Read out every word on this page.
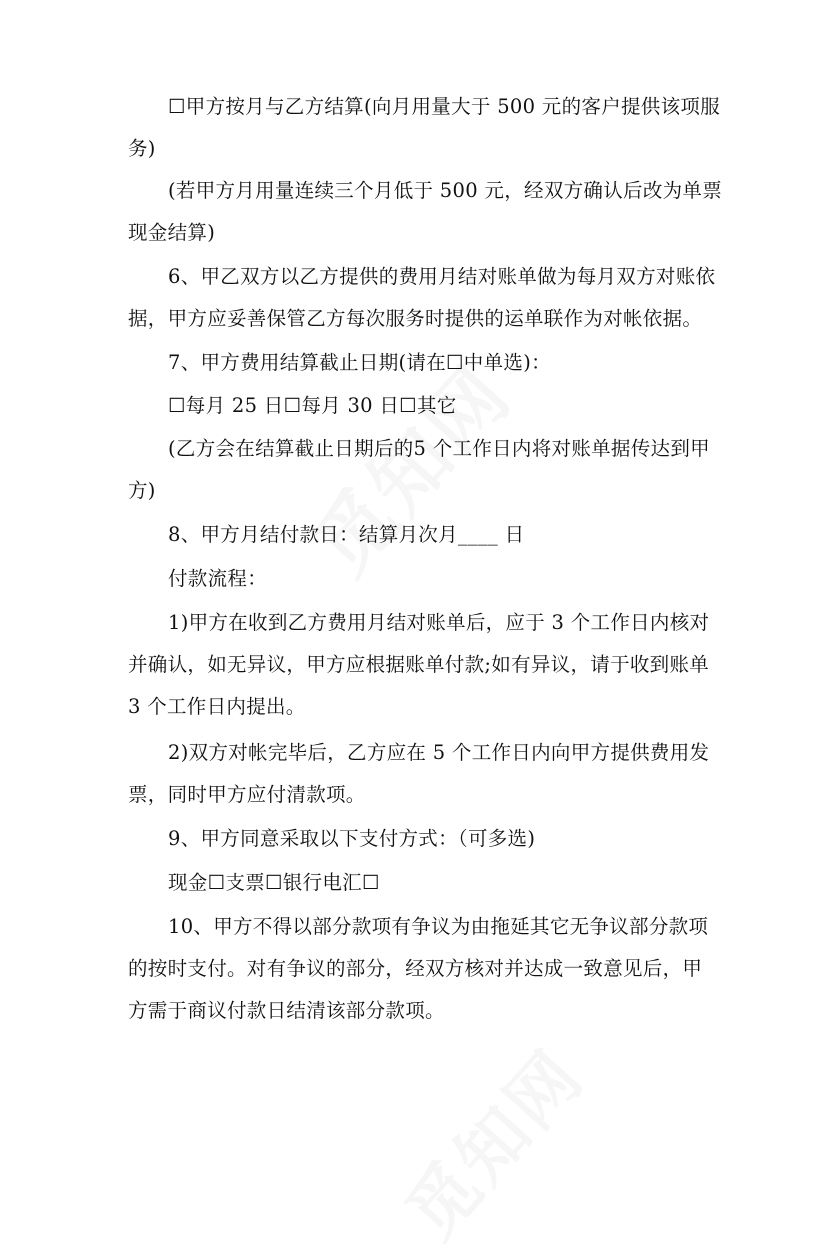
☐甲方按月与乙方结算(向月用量大于 500 元的客户提供该项服
务)
(若甲方月用量连续三个月低于 500 元，经双方确认后改为单票
现金结算)
6、甲乙双方以乙方提供的费用月结对账单做为每月双方对账依
据，甲方应妥善保管乙方每次服务时提供的运单联作为对帐依据。
7、甲方费用结算截止日期(请在☐中单选)：
☐每月 25 日☐每月 30 日☐其它
(乙方会在结算截止日期后的5 个工作日内将对账单据传达到甲
方)
8、甲方月结付款日：结算月次月____ 日
付款流程：
1)甲方在收到乙方费用月结对账单后，应于 3 个工作日内核对
并确认，如无异议，甲方应根据账单付款;如有异议，请于收到账单
3 个工作日内提出。
2)双方对帐完毕后，乙方应在 5 个工作日内向甲方提供费用发
票，同时甲方应付清款项。
9、甲方同意采取以下支付方式：（可多选)
现金☐支票☐银行电汇☐
10、甲方不得以部分款项有争议为由拖延其它无争议部分款项
的按时支付。对有争议的部分，经双方核对并达成一致意见后，甲
方需于商议付款日结清该部分款项。
